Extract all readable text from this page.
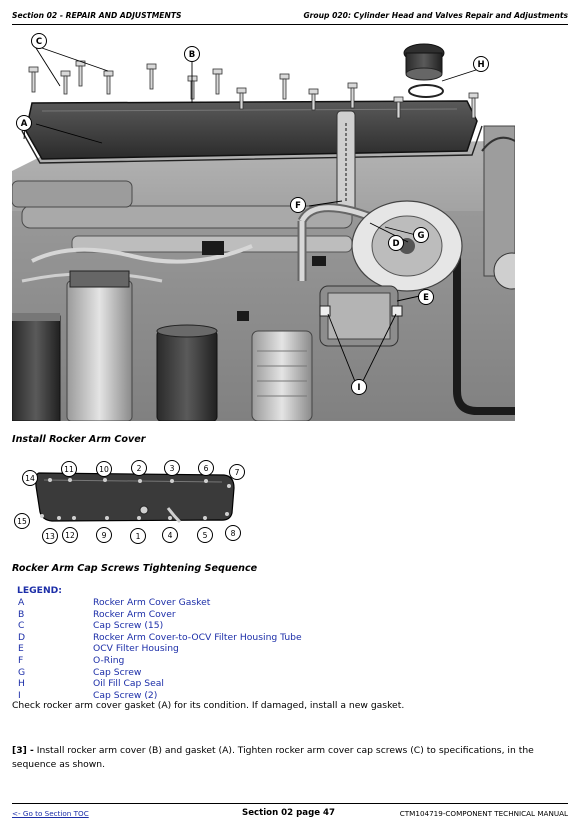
Section 02 - REPAIR AND ADJUSTMENTS	Group 020: Cylinder Head and Valves Repair and Adjustments
C
B
A
H
F
G
D
E
I
Install Rocker Arm Cover
14
11	10	2	3	6	7
15
13 12	9	1	4	5	8
Rocker Arm Cap Screws Tightening Sequence
LEGEND:
A	Rocker Arm Cover Gasket
B	Rocker Arm Cover
C	Cap Screw (15)
D	Rocker Arm Cover-to-OCV Filter Housing Tube
E	OCV Filter Housing
F	O-Ring
G	Cap Screw
H	Oil Fill Cap Seal
I	Cap Screw (2)
Check rocker arm cover gasket (A) for its condition. If damaged, install a new gasket.
[3] - Install rocker arm cover (B) and gasket (A). Tighten rocker arm cover cap screws (C) to specifications, in the sequence as shown.
<- Go to Section TOC	Section 02 page 47	CTM104719-COMPONENT TECHNICAL MANUAL
